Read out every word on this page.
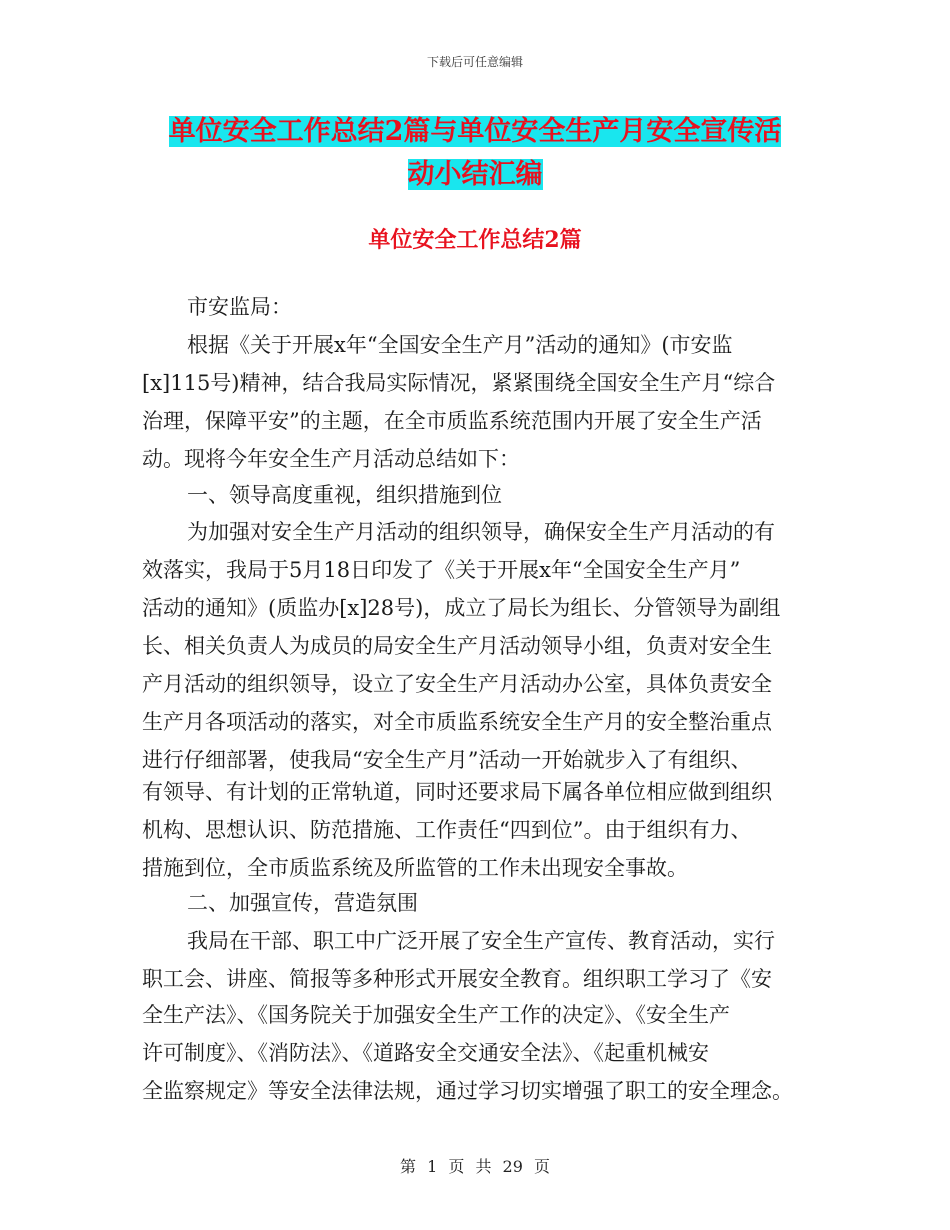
下载后可任意编辑
单位安全工作总结2篇与单位安全生产月安全宣传活
动小结汇编
单位安全工作总结2篇
市安监局：
根据《关于开展x年“全国安全生产月”活动的通知》(市安监
[x]115号)精神，结合我局实际情况，紧紧围绕全国安全生产月“综合
治理，保障平安”的主题，在全市质监系统范围内开展了安全生产活
动。现将今年安全生产月活动总结如下：
一、领导高度重视，组织措施到位
为加强对安全生产月活动的组织领导，确保安全生产月活动的有
效落实，我局于5月18日印发了《关于开展x年“全国安全生产月”
活动的通知》(质监办[x]28号)，成立了局长为组长、分管领导为副组
长、相关负责人为成员的局安全生产月活动领导小组，负责对安全生
产月活动的组织领导，设立了安全生产月活动办公室，具体负责安全
生产月各项活动的落实，对全市质监系统安全生产月的安全整治重点
进行仔细部署，使我局“安全生产月”活动一开始就步入了有组织、
有领导、有计划的正常轨道，同时还要求局下属各单位相应做到组织
机构、思想认识、防范措施、工作责任“四到位”。由于组织有力、
措施到位，全市质监系统及所监管的工作未出现安全事故。
二、加强宣传，营造氛围
我局在干部、职工中广泛开展了安全生产宣传、教育活动，实行
职工会、讲座、简报等多种形式开展安全教育。组织职工学习了《安
全生产法》、《国务院关于加强安全生产工作的决定》、《安全生产
许可制度》、《消防法》、《道路安全交通安全法》、《起重机械安
全监察规定》等安全法律法规，通过学习切实增强了职工的安全理念。
第 1 页 共 29 页
